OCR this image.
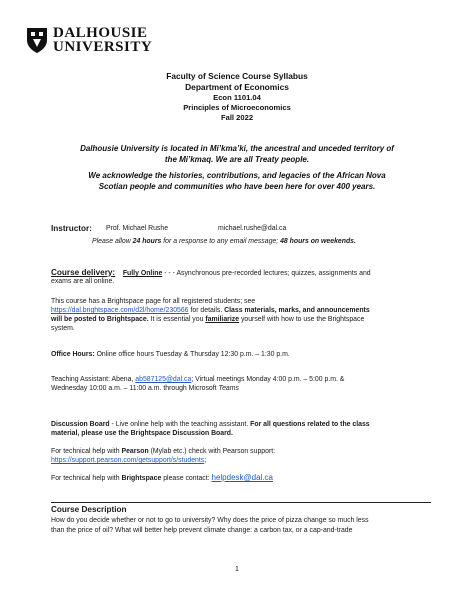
DALHOUSIE
UNIVERSITY
Faculty of Science Course Syllabus
Department of Economics
Econ 1101.04
Principles of Microeconomics
Fall 2022
Dalhousie University is located in Mi’kma’ki, the ancestral and unceded territory of
the Mi’kmaq. We are all Treaty people.
We acknowledge the histories, contributions, and legacies of the African Nova
Scotian people and communities who have been here for over 400 years.
Instructor: Prof. Michael Rushe	michael.rushe@dal.ca
Please allow 24 hours for a response to any email message; 48 hours on weekends.
Course delivery: Fully Online - - - Asynchronous pre-recorded lectures; quizzes, assignments and
exams are all online.
This course has a Brightspace page for all registered students; see
https://dal.brightspace.com/d2l/home/230566 for details. Class materials, marks, and announcements
will be posted to Brightspace. It is essential you familiarize yourself with how to use the Brightspace
system.
Office Hours: Online office hours Tuesday & Thursday 12:30 p.m. – 1:30 p.m.
Teaching Assistant: Abena, ab587125@dal.ca; Virtual meetings Monday 4:00 p.m. – 5:00 p.m. &
Wednesday 10:00 a.m. – 11:00 a.m. through Microsoft Teams
Discussion Board - Live online help with the teaching assistant. For all questions related to the class
material, please use the Brightspace Discussion Board.
For technical help with Pearson (Mylab etc.) check with Pearson support:
https://support.pearson.com/getsupport/s/students;
For technical help with Brightspace please contact: helpdesk@dal.ca
Course Description
How do you decide whether or not to go to university? Why does the price of pizza change so much less
than the price of oil? What will better help prevent climate change: a carbon tax, or a cap-and-trade
1
